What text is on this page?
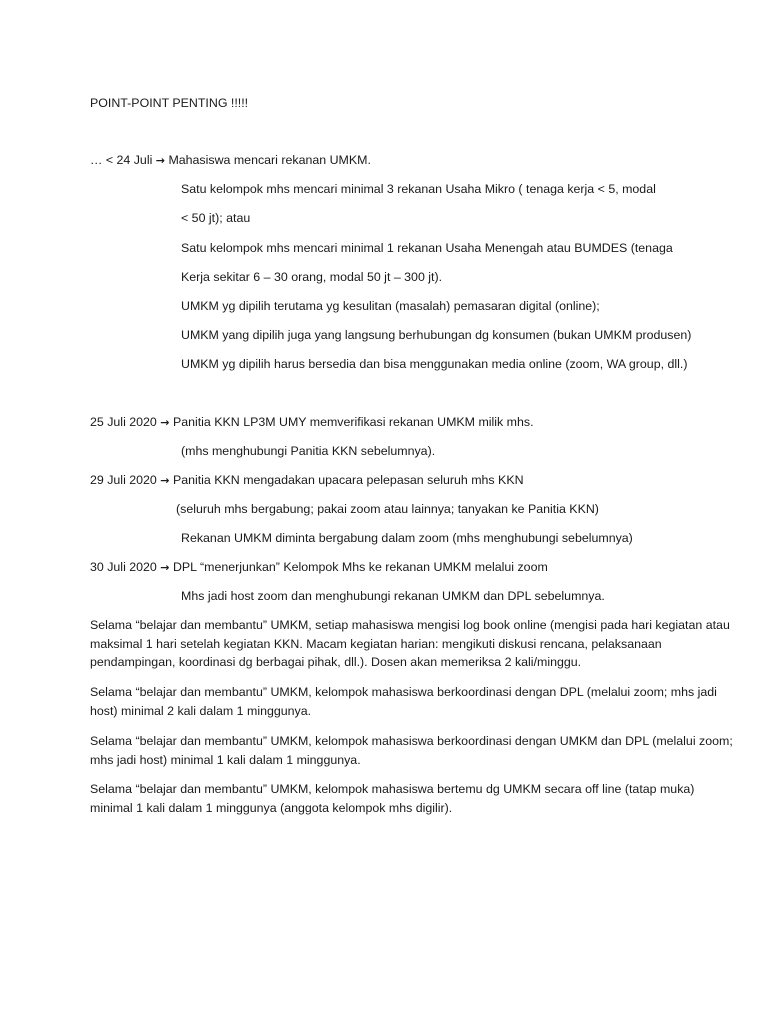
POINT-POINT PENTING !!!!!
… < 24 Juli → Mahasiswa mencari rekanan UMKM.
Satu kelompok mhs mencari minimal 3 rekanan Usaha Mikro ( tenaga kerja < 5, modal
< 50 jt); atau
Satu kelompok mhs mencari minimal 1 rekanan Usaha Menengah atau BUMDES (tenaga
Kerja sekitar 6 – 30 orang, modal 50 jt – 300 jt).
UMKM yg dipilih terutama yg kesulitan (masalah) pemasaran digital (online);
UMKM yang dipilih juga yang langsung berhubungan dg konsumen (bukan UMKM produsen)
UMKM yg dipilih harus bersedia dan bisa menggunakan media online (zoom, WA group, dll.)
25 Juli 2020 → Panitia KKN LP3M UMY memverifikasi rekanan UMKM milik mhs.
(mhs menghubungi Panitia KKN sebelumnya).
29 Juli 2020 → Panitia KKN mengadakan upacara pelepasan seluruh mhs KKN
(seluruh mhs bergabung; pakai zoom atau lainnya; tanyakan ke Panitia KKN)
Rekanan UMKM diminta bergabung dalam zoom (mhs menghubungi sebelumnya)
30 Juli 2020 → DPL “menerjunkan” Kelompok Mhs ke rekanan UMKM melalui zoom
Mhs jadi host zoom dan menghubungi rekanan UMKM dan DPL sebelumnya.
Selama “belajar dan membantu” UMKM, setiap mahasiswa mengisi log book online (mengisi pada hari kegiatan atau maksimal 1 hari setelah kegiatan KKN. Macam kegiatan harian: mengikuti diskusi rencana, pelaksanaan pendampingan, koordinasi dg berbagai pihak, dll.). Dosen akan memeriksa 2 kali/minggu.
Selama “belajar dan membantu” UMKM, kelompok mahasiswa berkoordinasi dengan DPL (melalui zoom; mhs jadi host) minimal 2 kali dalam 1 minggunya.
Selama “belajar dan membantu” UMKM, kelompok mahasiswa berkoordinasi dengan UMKM dan DPL (melalui zoom; mhs jadi host) minimal 1 kali dalam 1 minggunya.
Selama “belajar dan membantu” UMKM, kelompok mahasiswa bertemu dg UMKM secara off line (tatap muka) minimal 1 kali dalam 1 minggunya (anggota kelompok mhs digilir).
